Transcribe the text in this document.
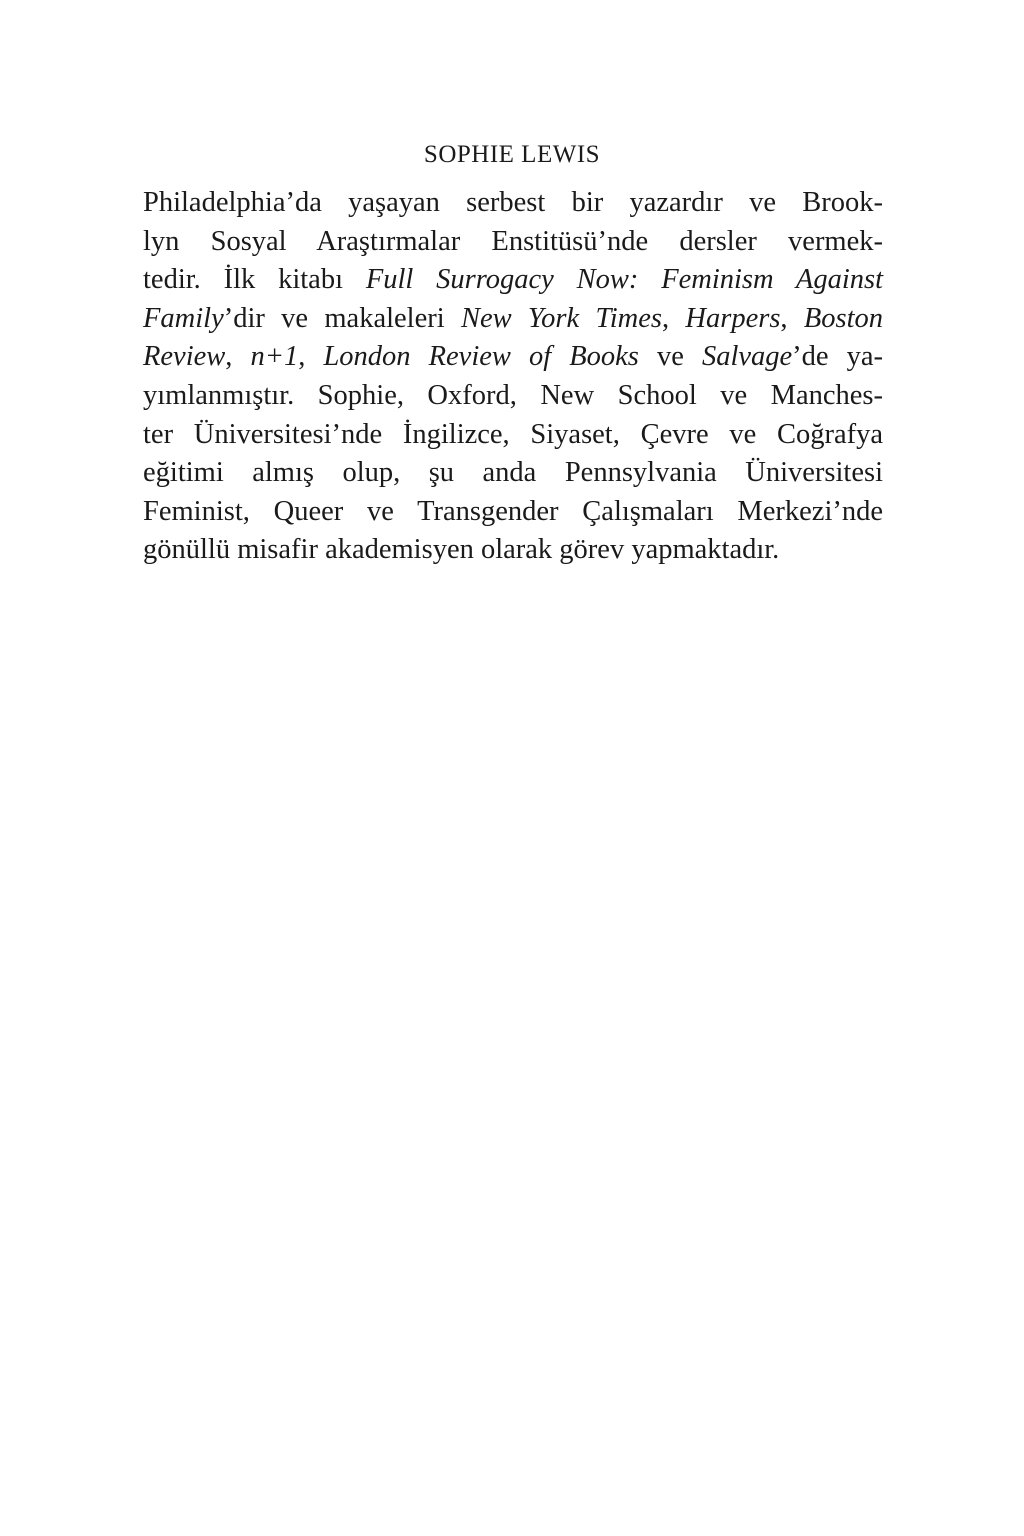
SOPHIE LEWIS
Philadelphia’da yaşayan serbest bir yazardır ve Brook-
lyn Sosyal Araştırmalar Enstitüsü’nde dersler vermek-
tedir. İlk kitabı Full Surrogacy Now: Feminism Against
Family’dir ve makaleleri New York Times, Harpers, Boston
Review, n+1, London Review of Books ve Salvage’de ya-
yımlanmıştır. Sophie, Oxford, New School ve Manches-
ter Üniversitesi’nde İngilizce, Siyaset, Çevre ve Coğrafya
eğitimi almış olup, şu anda Pennsylvania Üniversitesi
Feminist, Queer ve Transgender Çalışmaları Merkezi’nde
gönüllü misafir akademisyen olarak görev yapmaktadır.
